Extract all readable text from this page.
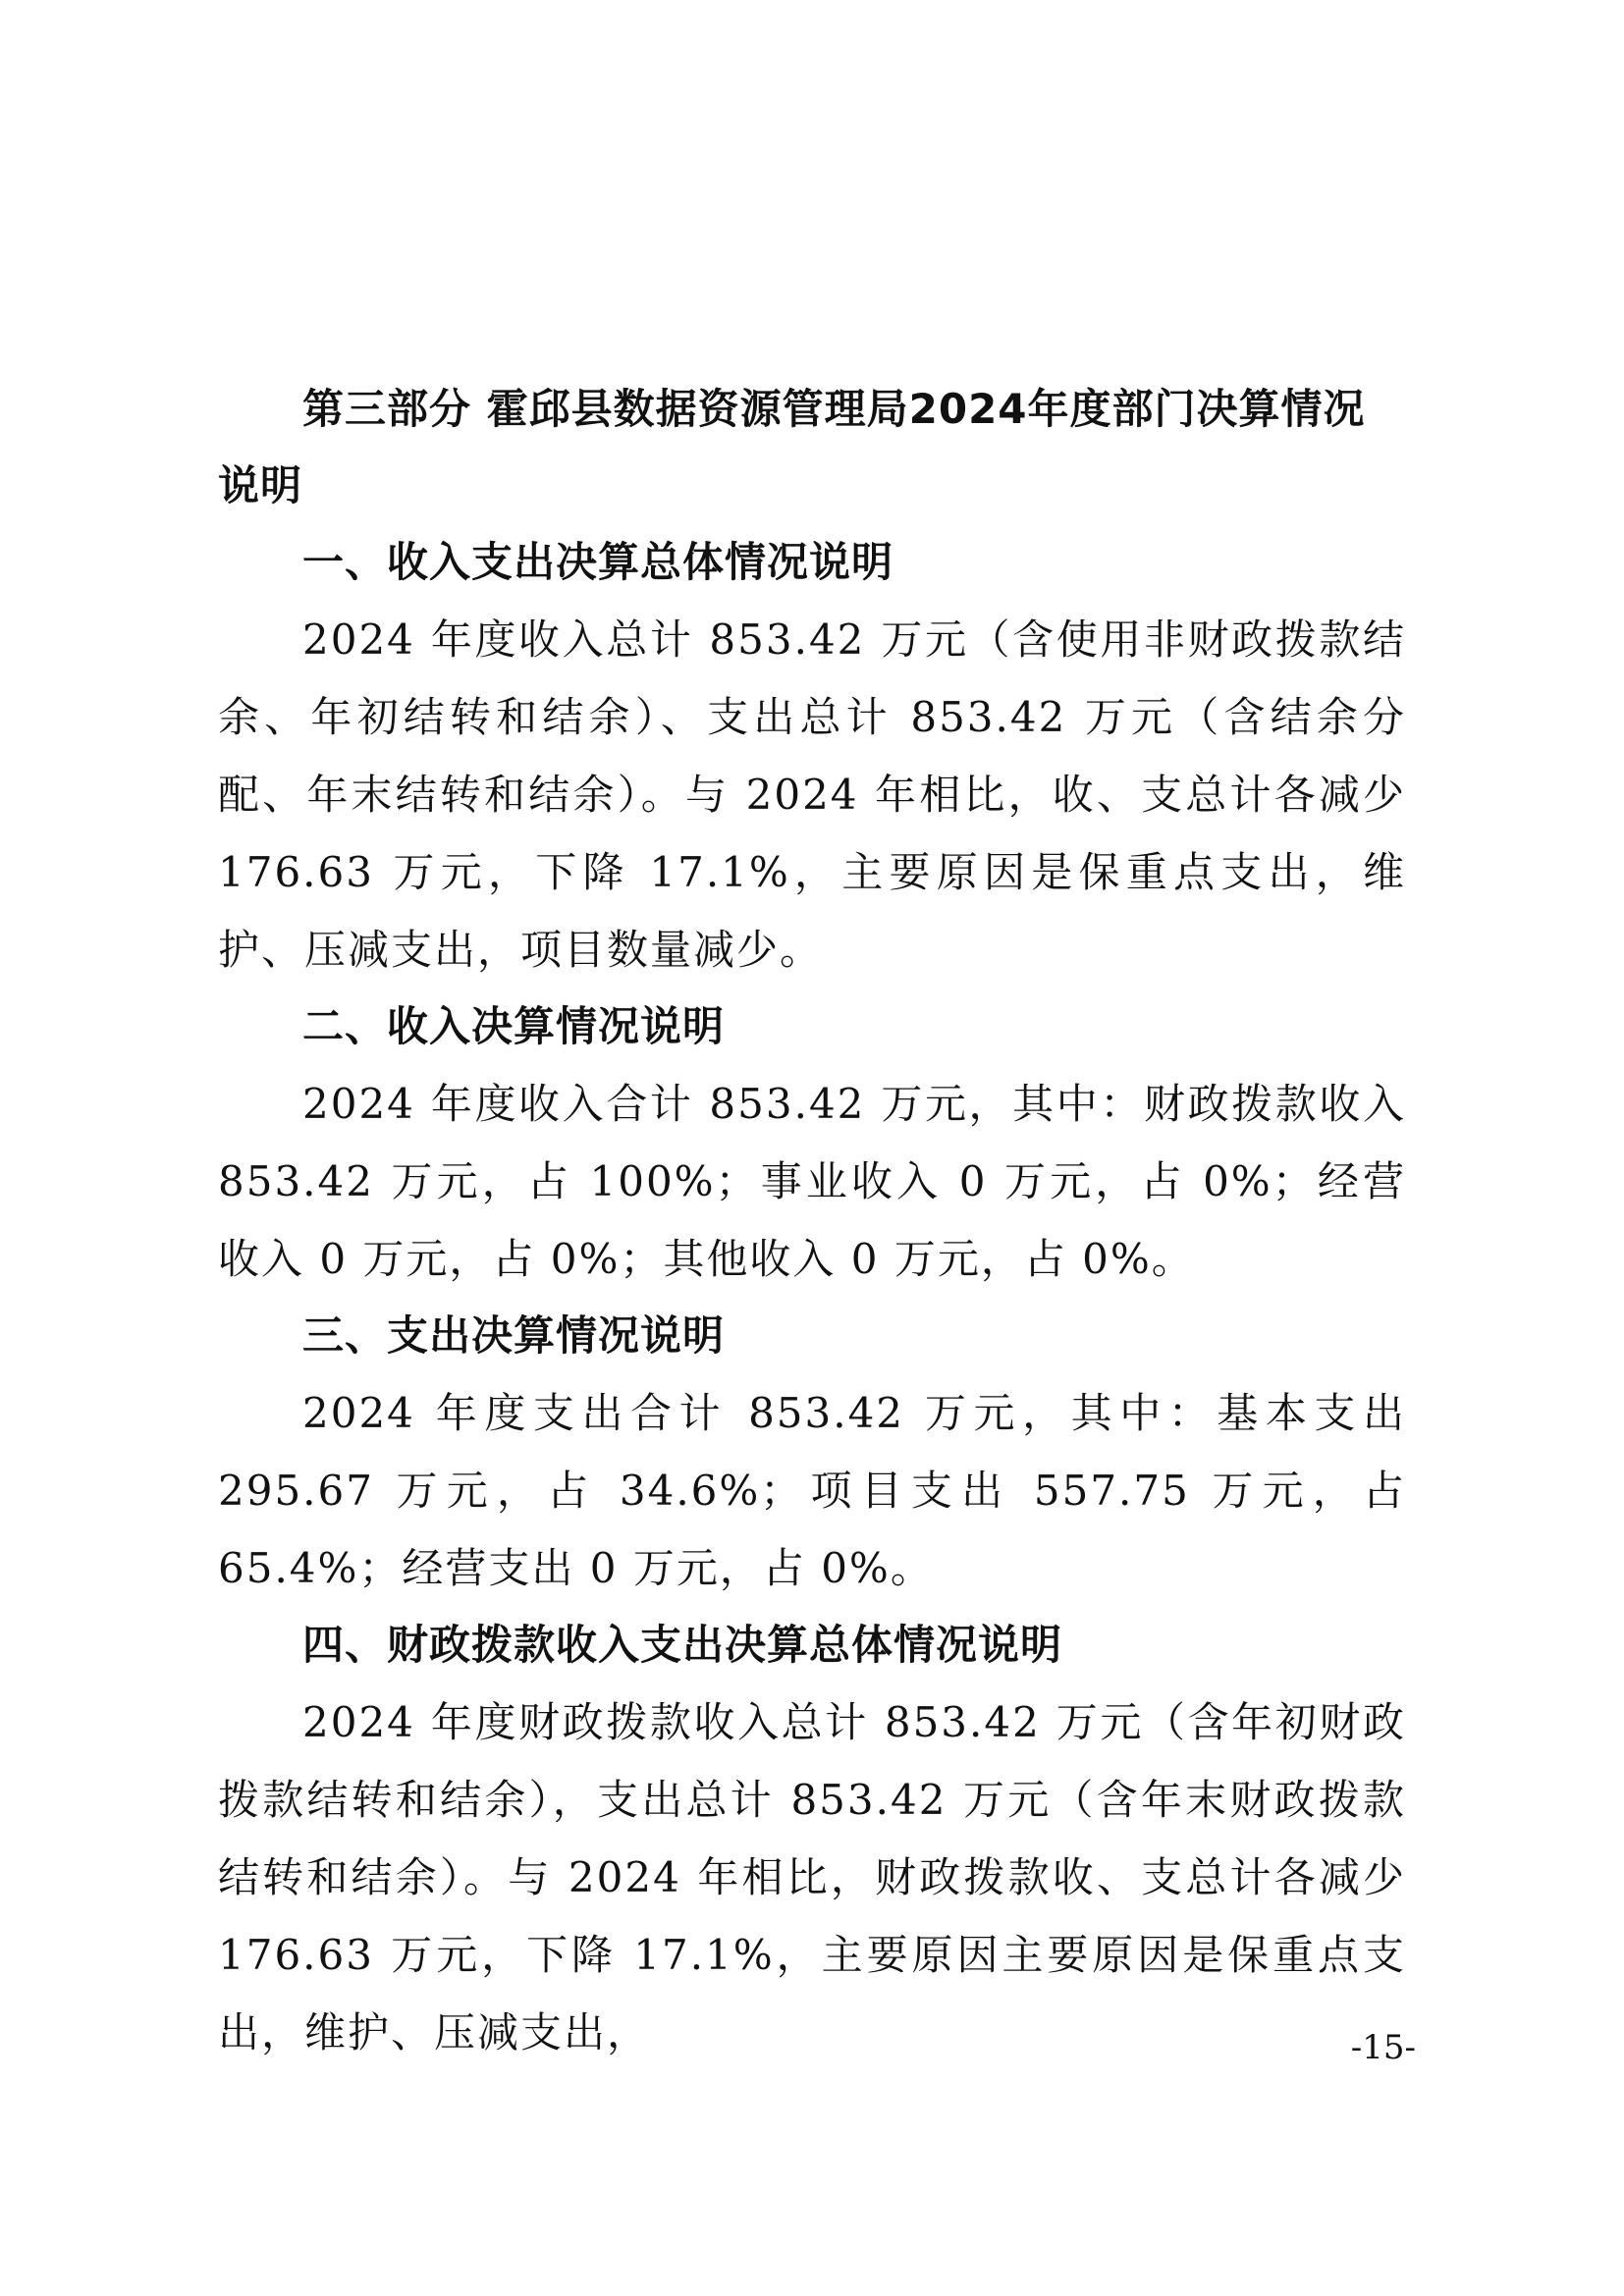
第三部分 霍邱县数据资源管理局2024年度部门决算情况说明
一、收入支出决算总体情况说明

2024 年度收入总计 853.42 万元（含使用非财政拨款结余、年初结转和结余）、支出总计 853.42 万元（含结余分配、年末结转和结余）。与 2024 年相比，收、支总计各减少 176.63 万元，下降 17.1%，主要原因是保重点支出，维护、压减支出，项目数量减少。

二、收入决算情况说明

2024 年度收入合计 853.42 万元，其中：财政拨款收入 853.42 万元，占 100%；事业收入 0 万元，占 0%；经营收入 0 万元，占 0%；其他收入 0 万元，占 0%。

三、支出决算情况说明

2024 年度支出合计 853.42 万元，其中：基本支出 295.67 万元，占 34.6%；项目支出 557.75 万元，占 65.4%；经营支出 0 万元，占 0%。

四、财政拨款收入支出决算总体情况说明

2024 年度财政拨款收入总计 853.42 万元（含年初财政拨款结转和结余），支出总计 853.42 万元（含年末财政拨款结转和结余）。与 2024 年相比，财政拨款收、支总计各减少 176.63 万元，下降 17.1%，主要原因主要原因是保重点支出，维护、压减支出，	-15-
